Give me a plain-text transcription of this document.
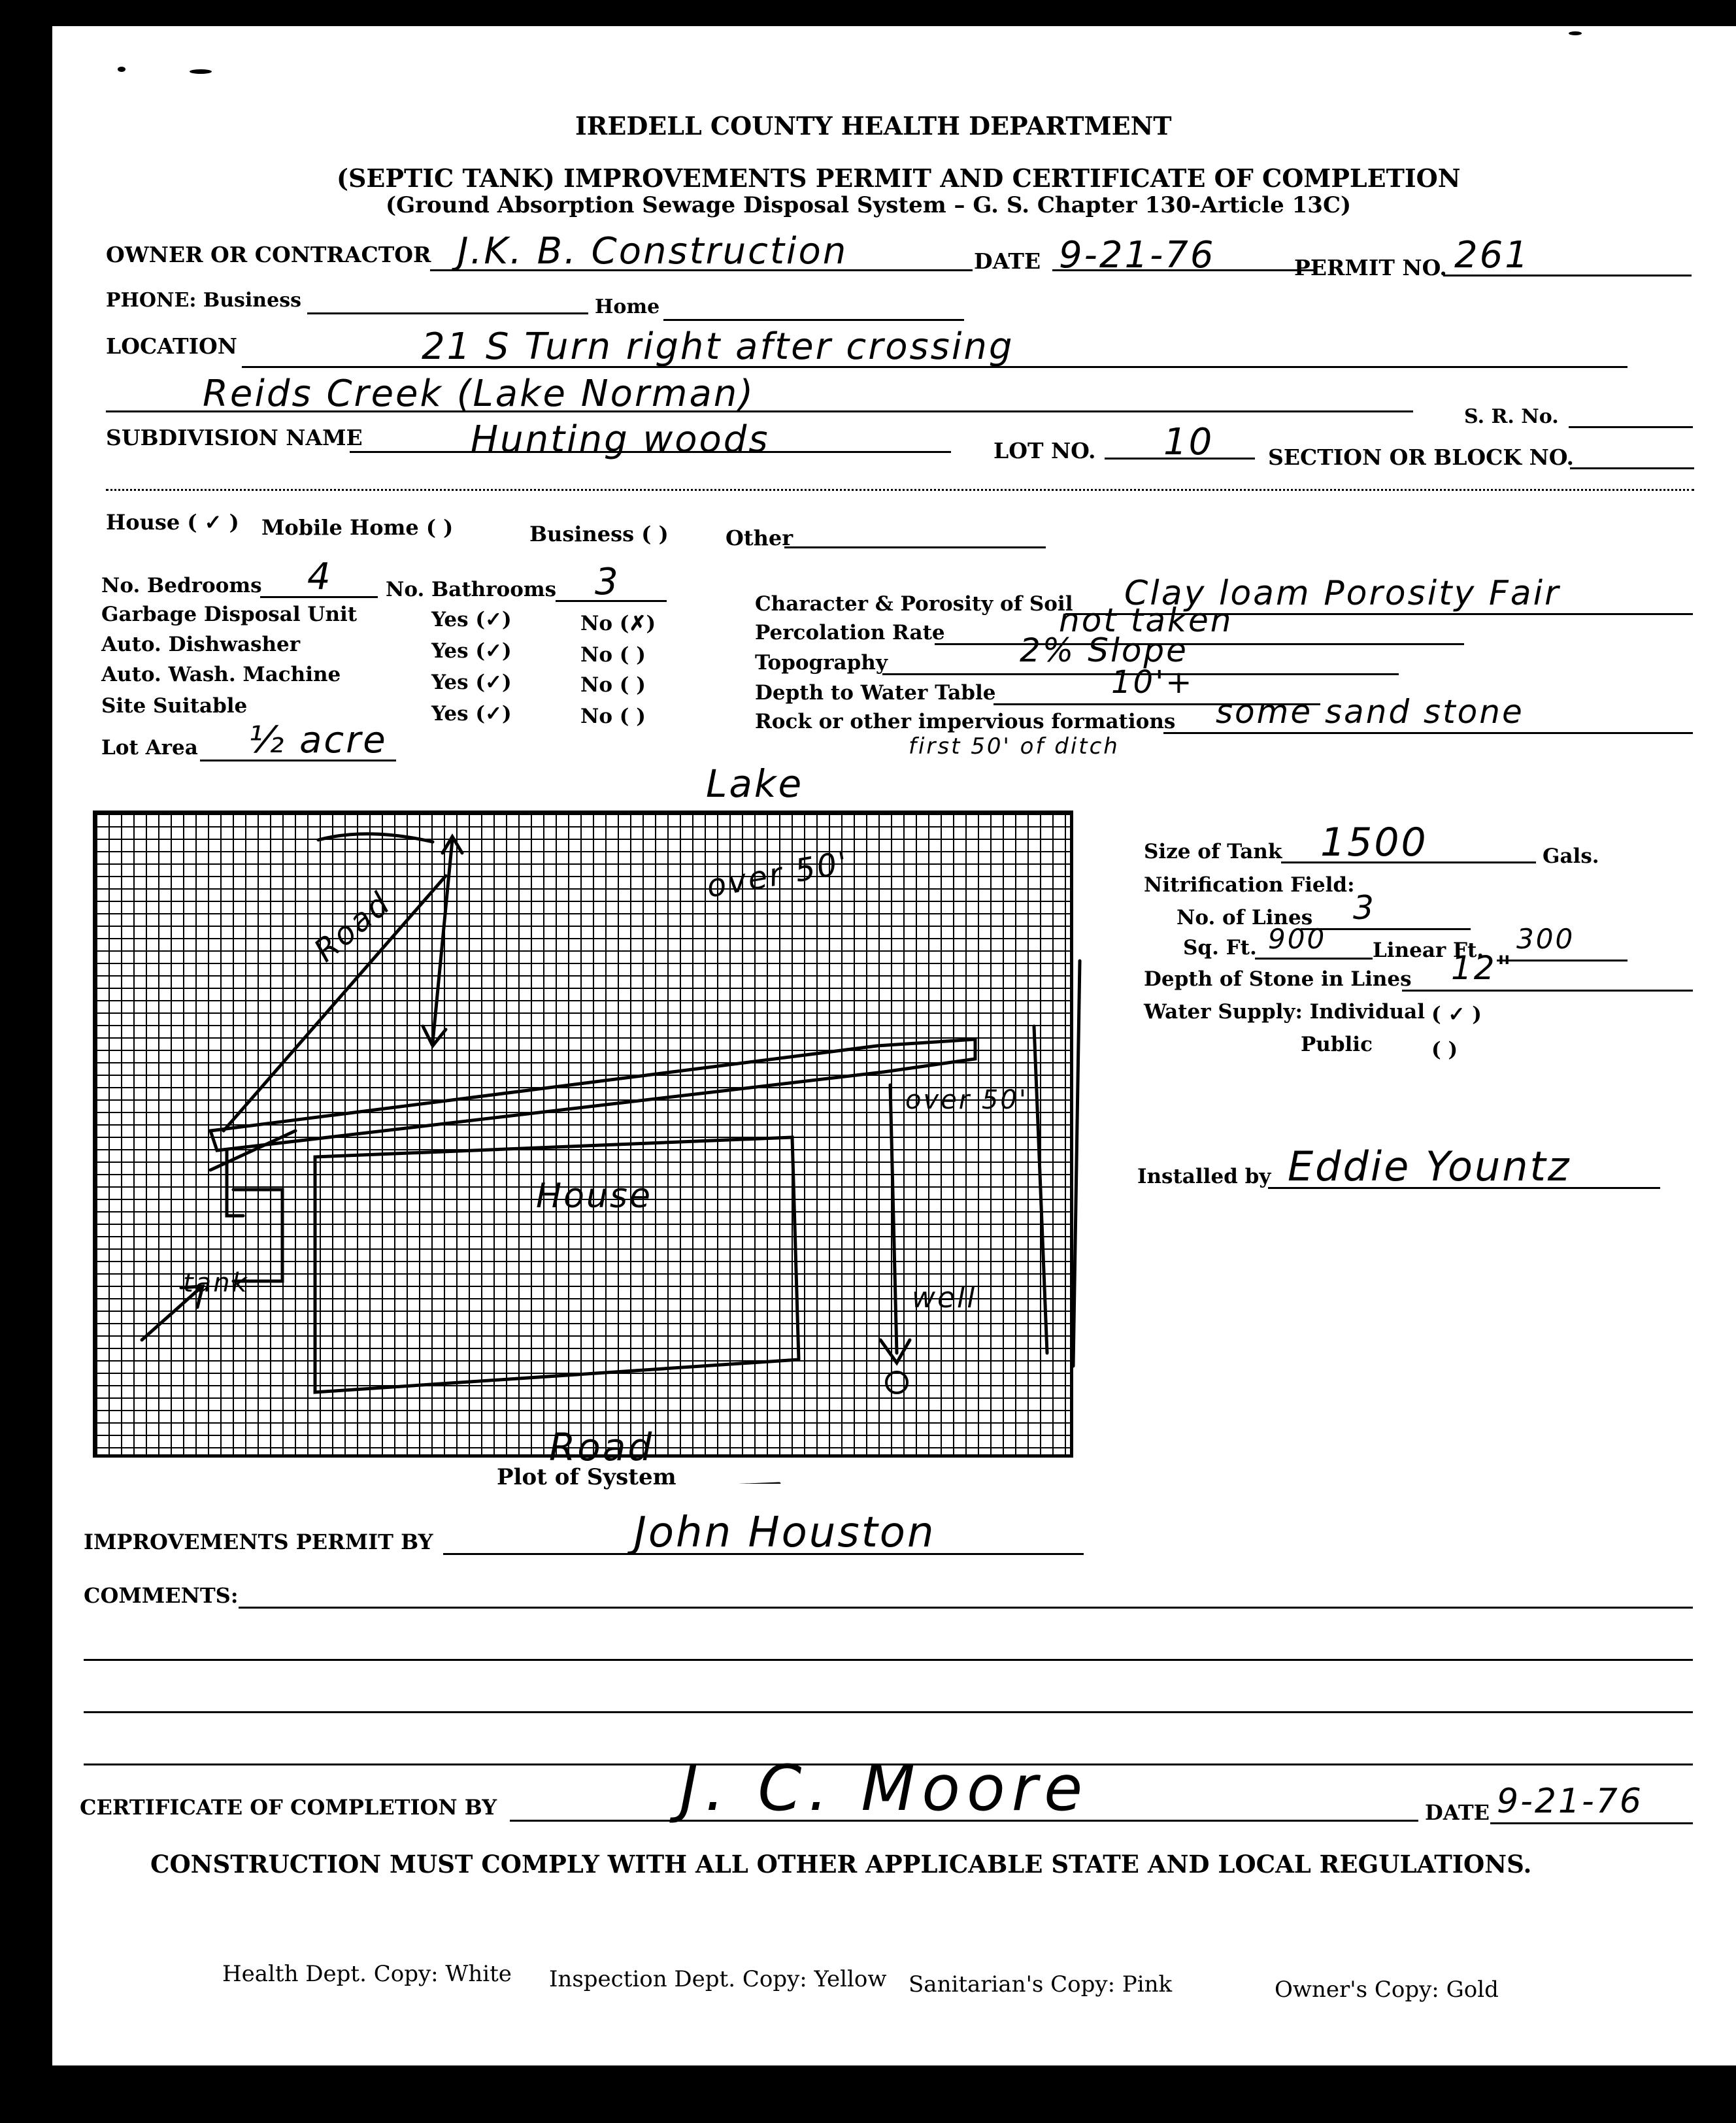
IREDELL COUNTY HEALTH DEPARTMENT
(SEPTIC TANK) IMPROVEMENTS PERMIT AND CERTIFICATE OF COMPLETION
(Ground Absorption Sewage Disposal System – G. S. Chapter 130-Article 13C)
OWNER OR CONTRACTOR J.K. B. Construction	DATE 9-21-76	PERMIT NO. 261
PHONE: Business	Home
LOCATION	21 S Turn right after crossing
Reids Creek (Lake Norman)
S. R. No.
SUBDIVISION NAME	Hunting woods	LOT NO. 10	SECTION OR BLOCK NO.
House ( ✓ ) Mobile Home ( )	Business ( )	Other
No. Bedrooms 4	No. Bathrooms 3
Garbage Disposal Unit	Yes (✓)	No (✗)
Auto. Dishwasher	Yes (✓)	No ( )
Auto. Wash. Machine	Yes (✓)	No ( )
Site Suitable	Yes (✓)	No ( )
Lot Area ½ acre
Character & Porosity of Soil Clay loam Porosity Fair
Percolation Rate	not taken
Topography	2% Slope
Depth to Water Table	10'+
Rock or other impervious formations some sand stone
first 50' of ditch
Lake
over 50'
Road
House
over 50'
well
tank
Road
Plot of System
Size of Tank 1500	Gals.
Nitrification Field:
No. of Lines 3
Sq. Ft. 900 Linear Ft. 300
Depth of Stone in Lines 12"
Water Supply: Individual ( ✓ )
Public	( )
Installed by Eddie Yountz
IMPROVEMENTS PERMIT BY	John Houston
COMMENTS:
CERTIFICATE OF COMPLETION BY	J. C. Moore	DATE 9-21-76
CONSTRUCTION MUST COMPLY WITH ALL OTHER APPLICABLE STATE AND LOCAL REGULATIONS.
Health Dept. Copy: White Inspection Dept. Copy: Yellow Sanitarian's Copy: Pink	Owner's Copy: Gold
